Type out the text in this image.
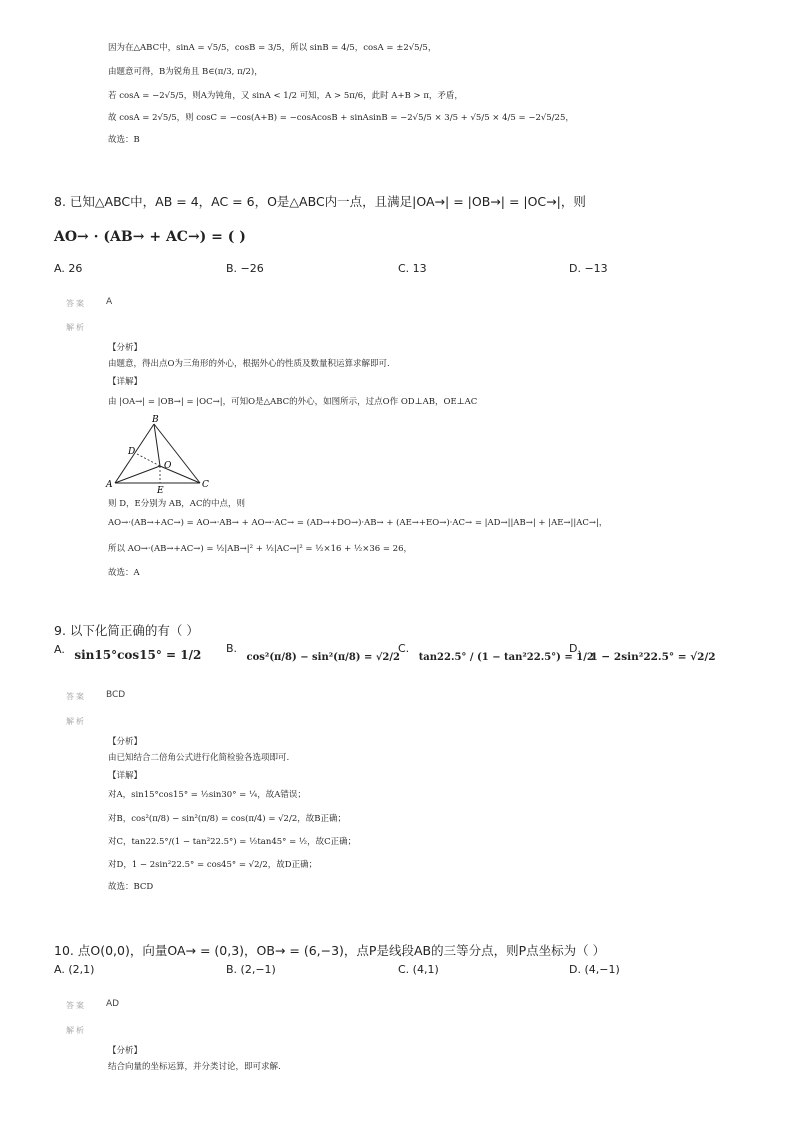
因为在△ABC中，sinA = √5/5，cosB = 3/5，所以 sinB = 4/5，cosA = ±2√5/5，
由题意可得，B为锐角且 B∈(π/3, π/2)，
若 cosA = −2√5/5，则A为钝角，又 sinA < 1/2 可知，A > 5π/6，此时 A+B > π，矛盾，
故 cosA = 2√5/5，则 cosC = −cos(A+B) = −cosAcosB + sinAsinB = −2√5/5 × 3/5 + √5/5 × 4/5 = −2√5/25，
故选：B
8. 已知△ABC中，AB = 4，AC = 6，O是△ABC内一点，且满足|OA→| = |OB→| = |OC→|，则
AO→ · (AB→ + AC→) = ( )
A. 26	B. −26	C. 13	D. −13
答案 A
解析
【分析】
由题意，得出点O为三角形的外心，根据外心的性质及数量积运算求解即可.
【详解】
由 |OA→| = |OB→| = |OC→|，可知O是△ABC的外心，如图所示，过点O作 OD⊥AB，OE⊥AC
B
D
O
A
E
C
则 D，E分别为 AB，AC的中点，则
AO→·(AB→+AC→) = AO→·AB→ + AO→·AC→ = (AD→+DO→)·AB→ + (AE→+EO→)·AC→ = |AD→||AB→| + |AE→||AC→|，
所以 AO→·(AB→+AC→) = ½|AB→|² + ½|AC→|² = ½×16 + ½×36 = 26，
故选：A
9. 以下化简正确的有（ ）
A. sin15°cos15° = 1/2 B. cos²(π/8) − sin²(π/8) = √2/2
C. tan22.5° / (1 − tan²22.5°) = 1/2
D. 1 − 2sin²22.5° = √2/2
答案 BCD
解析
【分析】
由已知结合二倍角公式进行化简检验各选项即可.
【详解】
对A，sin15°cos15° = ½sin30° = ¼，故A错误；
对B，cos²(π/8) − sin²(π/8) = cos(π/4) = √2/2，故B正确；
对C，tan22.5°/(1 − tan²22.5°) = ½tan45° = ½，故C正确；
对D，1 − 2sin²22.5° = cos45° = √2/2，故D正确；
故选：BCD
10. 点O(0,0)，向量OA→ = (0,3)，OB→ = (6,−3)，点P是线段AB的三等分点，则P点坐标为（ ）
A. (2,1)	B. (2,−1)	C. (4,1)	D. (4,−1)
答案 AD
解析
【分析】
结合向量的坐标运算，并分类讨论，即可求解.
